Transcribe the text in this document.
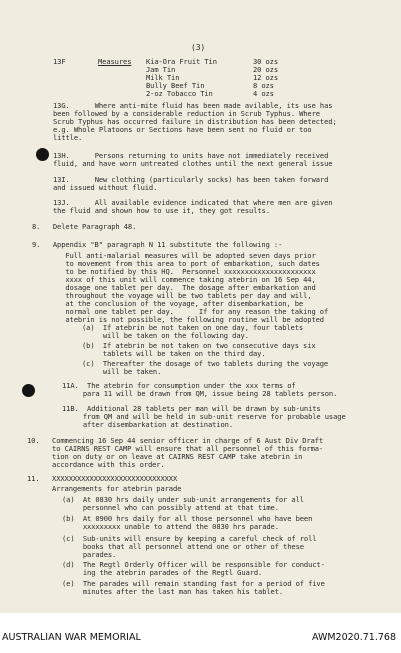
(3)
13F	Measures Kia-Ora Fruit Tin	30 ozs
Jam Tin	20 ozs
Milk Tin	12 ozs
Bully Beef Tin	8 ozs
2-oz Tobacco Tin	4 ozs
13G.      Where anti-mite fluid has been made avilable, its use has
been followed by a considerable reduction in Scrub Typhus. Where
Scrub Typhus has occurred failure in distribution has been detected;
e.g. Whole Platoons or Sections have been sent no fluid or too
little.
13H.      Persons returning to units have not immediately received
fluid, and have worn untreated clothes until the next general issue
13I.      New clothing (particularly socks) has been taken forward
and issued without fluid.
13J.      All available evidence indicated that where men are given
the fluid and shown how to use it, they got results.
8.   Delete Paragraph 48.
9.   Appendix "B" paragraph N 11 substitute the following :-
Full anti-malarial measures will be adopted seven days prior
to movement from this area to port of embarkation, such dates
to be notified by this HQ.  Personnel xxxxxxxxxxxxxxxxxxxxxx
xxxx of this unit will commence taking atebrin on 16 Sep 44,
dosage one tablet per day.  The dosage after embarkation and
throughout the voyage will be two tablets per day and will,
at the conclusion of the voyage, after disembarkation, be
normal one tablet per day.      If for any reason the taking of
atebrin is not possible, the following routine will be adopted
(a)  If atebrin be not taken on one day, four tablets
will be taken on the following day.
(b)  If atebrin be not taken on two consecutive days six
tablets will be taken on the third day.
(c)  Thereafter the dosage of two tablets during the voyage
will be taken.
11A.  The atebrin for consumption under the xxx terms of
para 11 will be drawn from QM, issue being 28 tablets person.
11B.  Additional 28 tablets per man will be drawn by sub-units
from QM and will be held in sub-unit reserve for probable usage
after disembarkation at destination.
10.   Commencing 16 Sep 44 senior officer in charge of 6 Aust Div Draft
to CAIRNS REST CAMP will ensure that all personnel of this forma-
tion on duty or on leave at CAIRNS REST CAMP take atebrin in
accordance with this order.
11.   XXXXXXXXXXXXXXXXXXXXXXXXXXXXXX
Arrangements for atebrin parade
(a)  At 0830 hrs daily under sub-unit arrangements for all
personnel who can possibly attend at that time.
(b)  At 0900 hrs daily for all those personnel who have been
xxxxxxxxx unable to attend the 0830 hrs parade.
(c)  Sub-units will ensure by keeping a careful check of roll
books that all personnel attend one or other of these
parades.
(d)  The Regtl Orderly Officer will be responsible for conduct-
ing the atebrin parades of the Regtl Guard.
(e)  The parades will remain standing fast for a period of five
minutes after the last man has taken his tablet.
AUSTRALIAN WAR MEMORIAL	AWM2020.71.768
